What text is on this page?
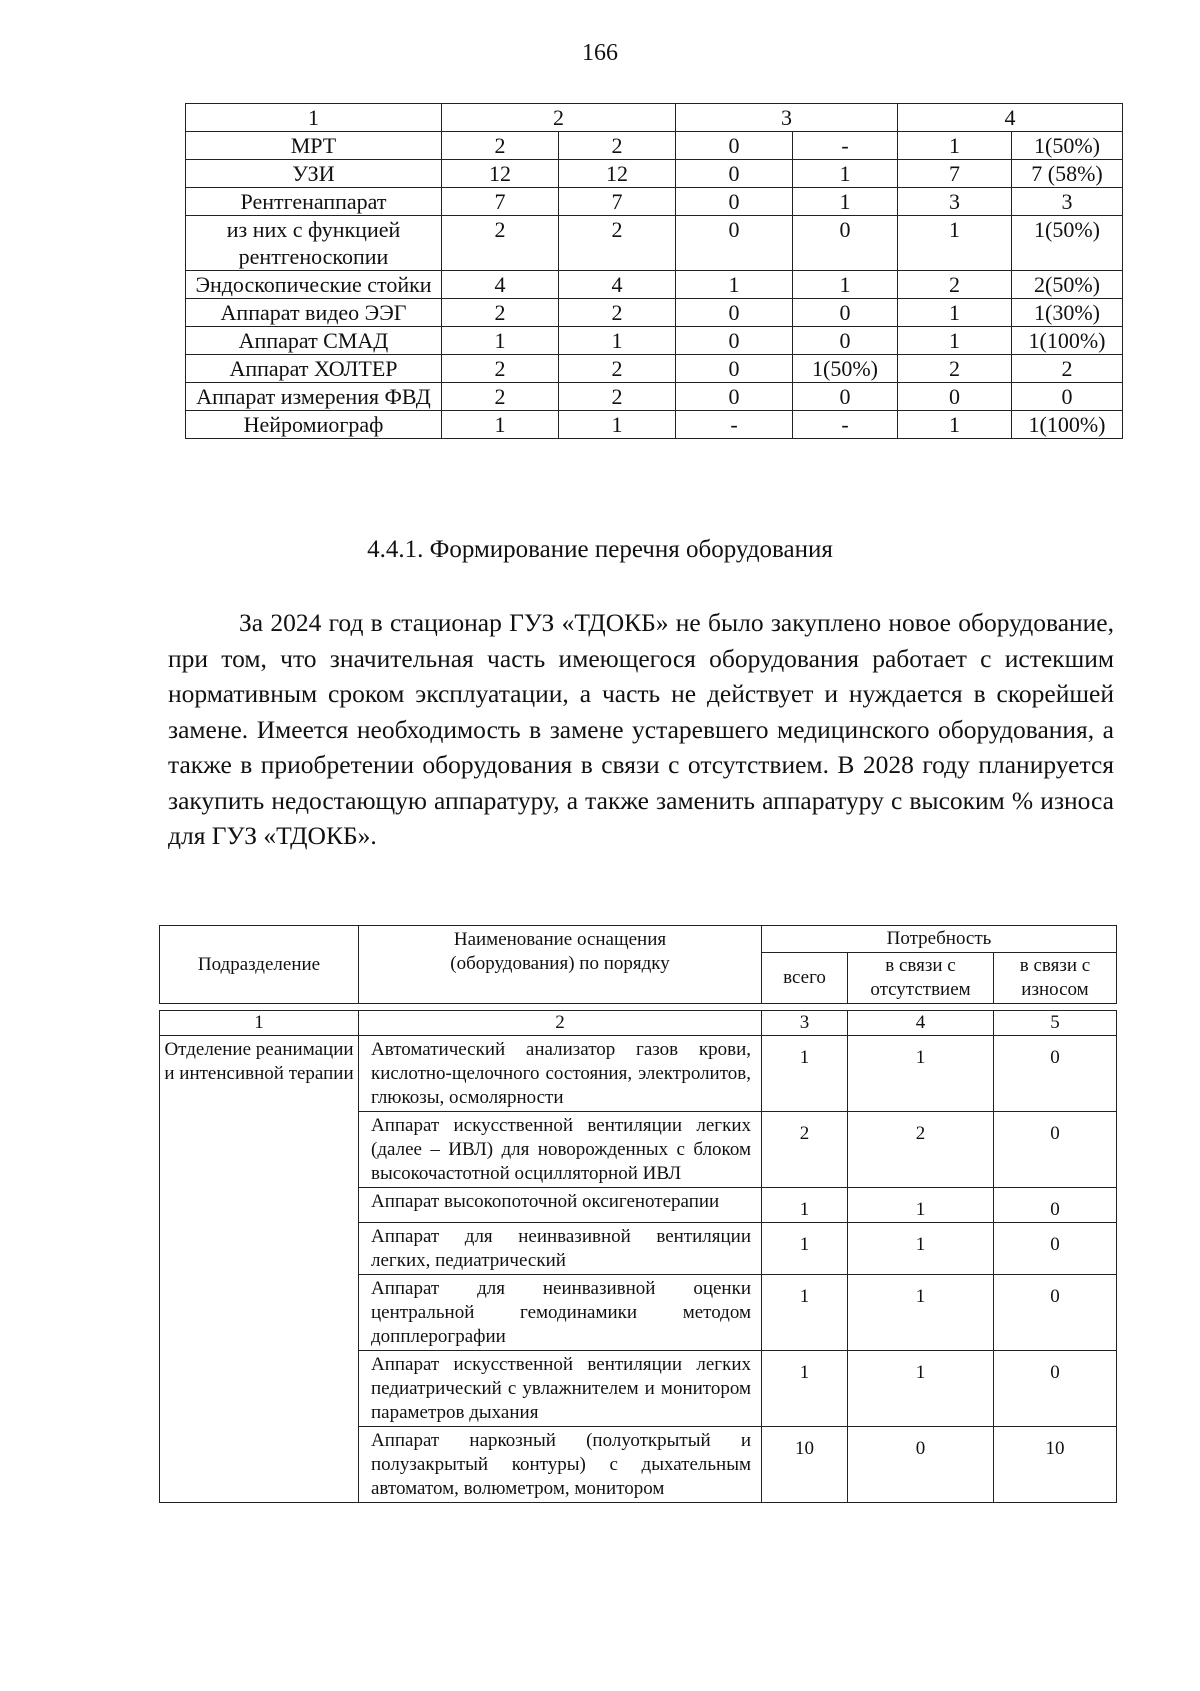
166
1	2		3		4	
МРТ	2	2	0	-	1	1(50%)
УЗИ	12	12	0	1	7	7 (58%)
Рентгенаппарат	7	7	0	1	3	3
из них с функцией рентгеноскопии	2	2	0	0	1	1(50%)
Эндоскопические стойки	4	4	1	1	2	2(50%)
Аппарат видео ЭЭГ	2	2	0	0	1	1(30%)
Аппарат СМАД	1	1	0	0	1	1(100%)
Аппарат ХОЛТЕР	2	2	0	1(50%)	2	2
Аппарат измерения ФВД	2	2	0	0	0	0
Нейромиограф	1	1	-	-	1	1(100%)
4.4.1. Формирование перечня оборудования

За 2024 год в стационар ГУЗ «ТДОКБ» не было закуплено новое оборудование, при том, что значительная часть имеющегося оборудования работает с истекшим нормативным сроком эксплуатации, а часть не действует и нуждается в скорейшей замене. Имеется необходимость в замене устаревшего медицинского оборудования, а также в приобретении оборудования в связи с отсутствием. В 2028 году планируется закупить недостающую аппаратуру, а также заменить аппаратуру с высоким % износа для ГУЗ «ТДОКБ».

Подразделение	Наименование оснащения (оборудования) по порядку	Потребность		
		всего	в связи с отсутствием	в связи с износом

1	2	3	4	5
Отделение реанимации и интенсивной терапии	Автоматический анализатор газов крови, кислотно-щелочного состояния, электролитов, глюкозы, осмолярности	1	1	0
	Аппарат искусственной вентиляции легких (далее – ИВЛ) для новорожденных с блоком высокочастотной осцилляторной ИВЛ	2	2	0
	Аппарат высокопоточной оксигенотерапии	1	1	0
	Аппарат для неинвазивной вентиляции легких, педиатрический	1	1	0
	Аппарат для неинвазивной оценки центральной гемодинамики методом допплерографии	1	1	0
	Аппарат искусственной вентиляции легких педиатрический с увлажнителем и монитором параметров дыхания	1	1	0
	Аппарат наркозный (полуоткрытый и полузакрытый контуры) с дыхательным автоматом, волюметром, монитором	10	0	10
